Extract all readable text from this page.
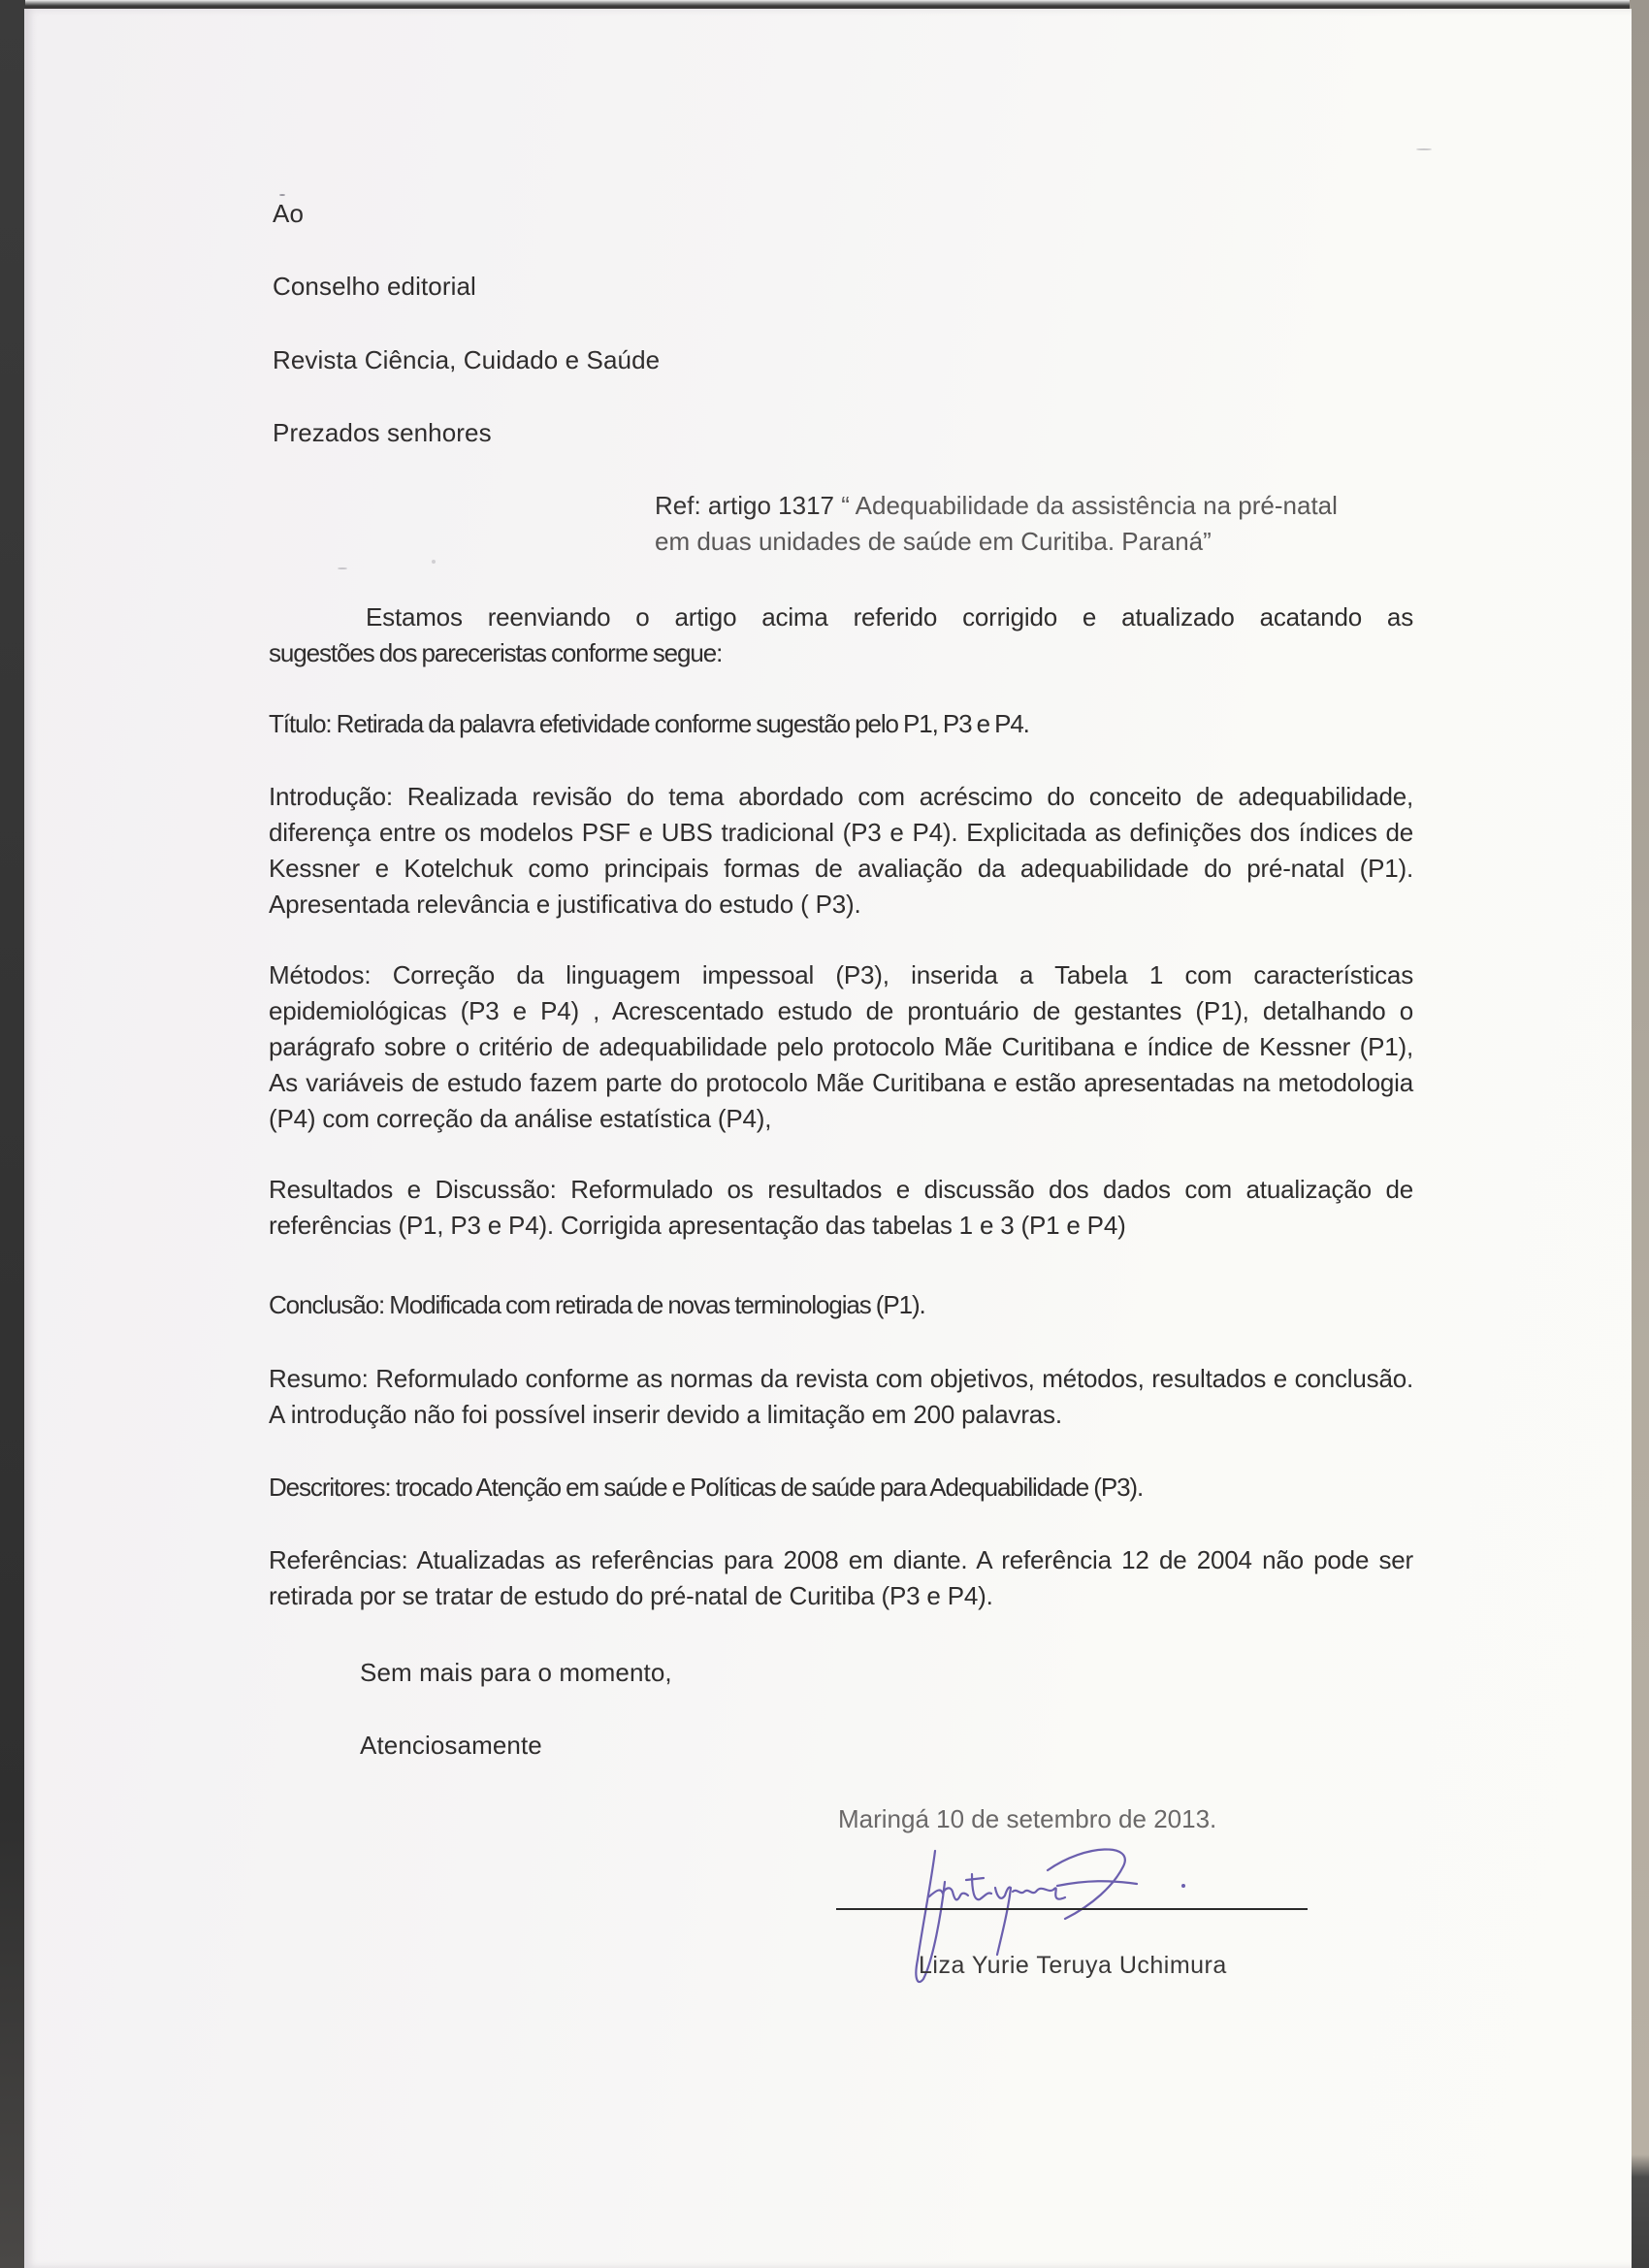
Ao
Conselho editorial
Revista Ciência, Cuidado e Saúde
Prezados senhores
Ref: artigo 1317 “ Adequabilidade da assistência na pré-natal
em duas unidades de saúde em Curitiba. Paraná”
Estamos reenviando o artigo acima referido corrigido e atualizado acatando as
sugestões dos pareceristas conforme segue:
Título: Retirada da palavra efetividade conforme sugestão pelo P1, P3 e P4.
Introdução: Realizada revisão do tema abordado com acréscimo do conceito de adequabilidade, diferença entre os modelos PSF e UBS tradicional (P3 e P4). Explicitada as definições dos índices de Kessner e Kotelchuk como principais formas de avaliação da adequabilidade do pré-natal (P1). Apresentada relevância e justificativa do estudo ( P3).
Métodos: Correção da linguagem impessoal (P3), inserida a Tabela 1 com características epidemiológicas (P3 e P4) , Acrescentado estudo de prontuário de gestantes (P1), detalhando o parágrafo sobre o critério de adequabilidade pelo protocolo Mãe Curitibana e índice de Kessner (P1), As variáveis de estudo fazem parte do protocolo Mãe Curitibana e estão apresentadas na metodologia (P4) com correção da análise estatística (P4),
Resultados e Discussão: Reformulado os resultados e discussão dos dados com atualização de referências (P1, P3 e P4). Corrigida apresentação das tabelas 1 e 3 (P1 e P4)
Conclusão: Modificada com retirada de novas terminologias (P1).
Resumo: Reformulado conforme as normas da revista com objetivos, métodos, resultados e conclusão. A introdução não foi possível inserir devido a limitação em 200 palavras.
Descritores: trocado Atenção em saúde e Políticas de saúde para Adequabilidade (P3).
Referências: Atualizadas as referências para 2008 em diante. A referência 12 de 2004 não pode ser retirada por se tratar de estudo do pré-natal de Curitiba (P3 e P4).
Sem mais para o momento,
Atenciosamente
Maringá 10 de setembro de 2013.
Liza Yurie Teruya Uchimura
